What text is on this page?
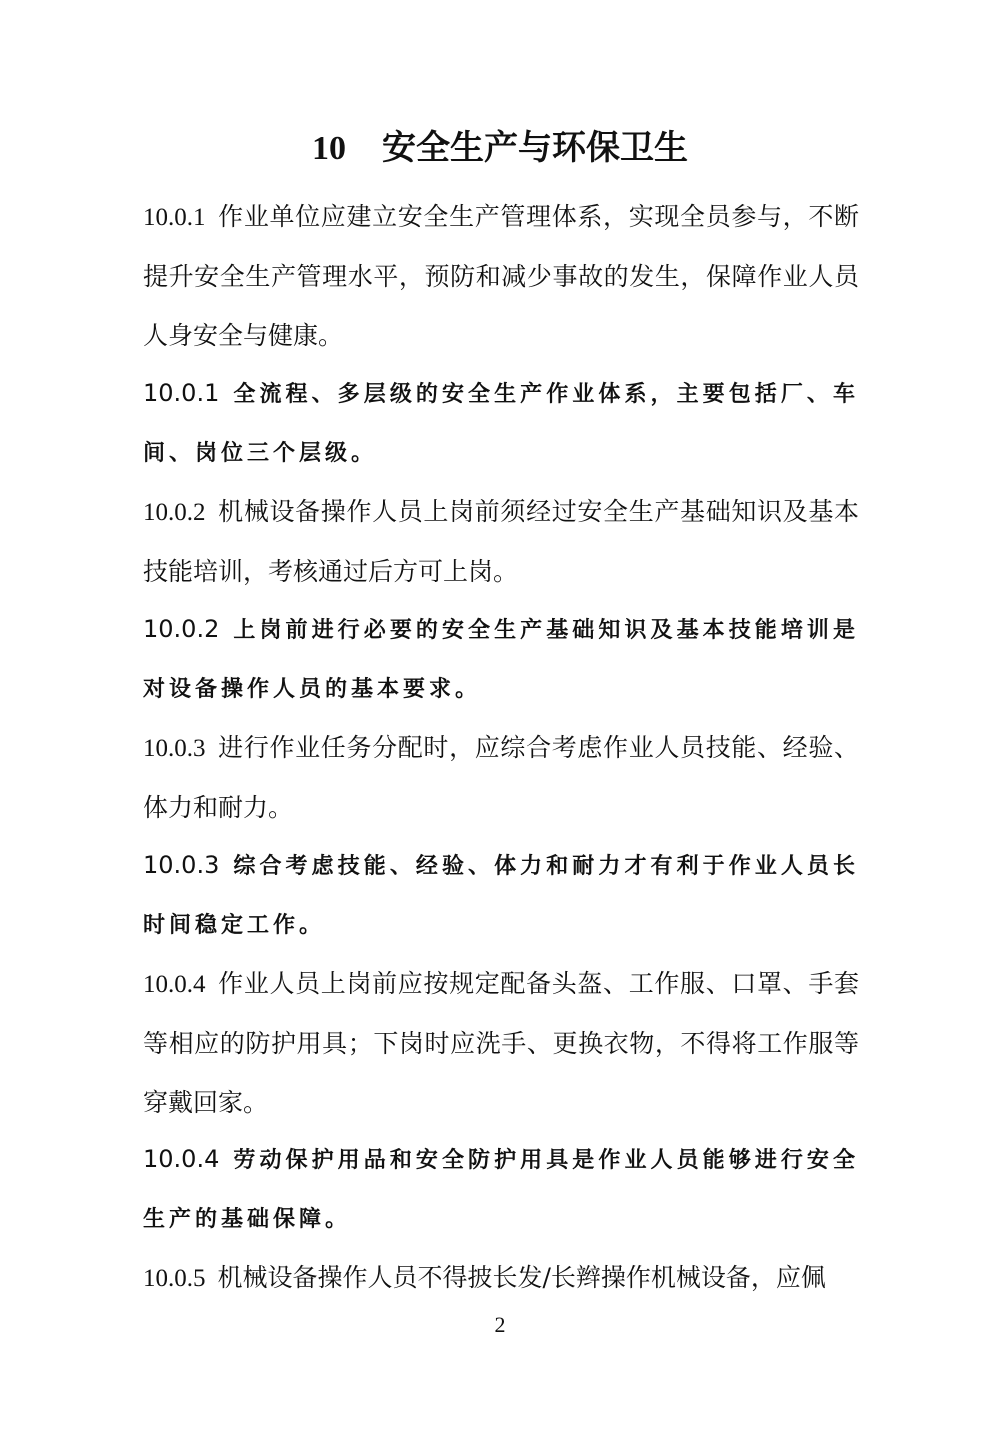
10 安全生产与环保卫生
10.0.1 作业单位应建立安全生产管理体系，实现全员参与，不断提升安全生产管理水平，预防和减少事故的发生，保障作业人员人身安全与健康。
10.0.1 全流程、多层级的安全生产作业体系，主要包括厂、车间、岗位三个层级。
10.0.2 机械设备操作人员上岗前须经过安全生产基础知识及基本技能培训，考核通过后方可上岗。
10.0.2 上岗前进行必要的安全生产基础知识及基本技能培训是对设备操作人员的基本要求。
10.0.3 进行作业任务分配时，应综合考虑作业人员技能、经验、体力和耐力。
10.0.3 综合考虑技能、经验、体力和耐力才有利于作业人员长时间稳定工作。
10.0.4 作业人员上岗前应按规定配备头盔、工作服、口罩、手套等相应的防护用具；下岗时应洗手、更换衣物，不得将工作服等穿戴回家。
10.0.4 劳动保护用品和安全防护用具是作业人员能够进行安全生产的基础保障。
10.0.5 机械设备操作人员不得披长发/长辫操作机械设备，应佩
2
